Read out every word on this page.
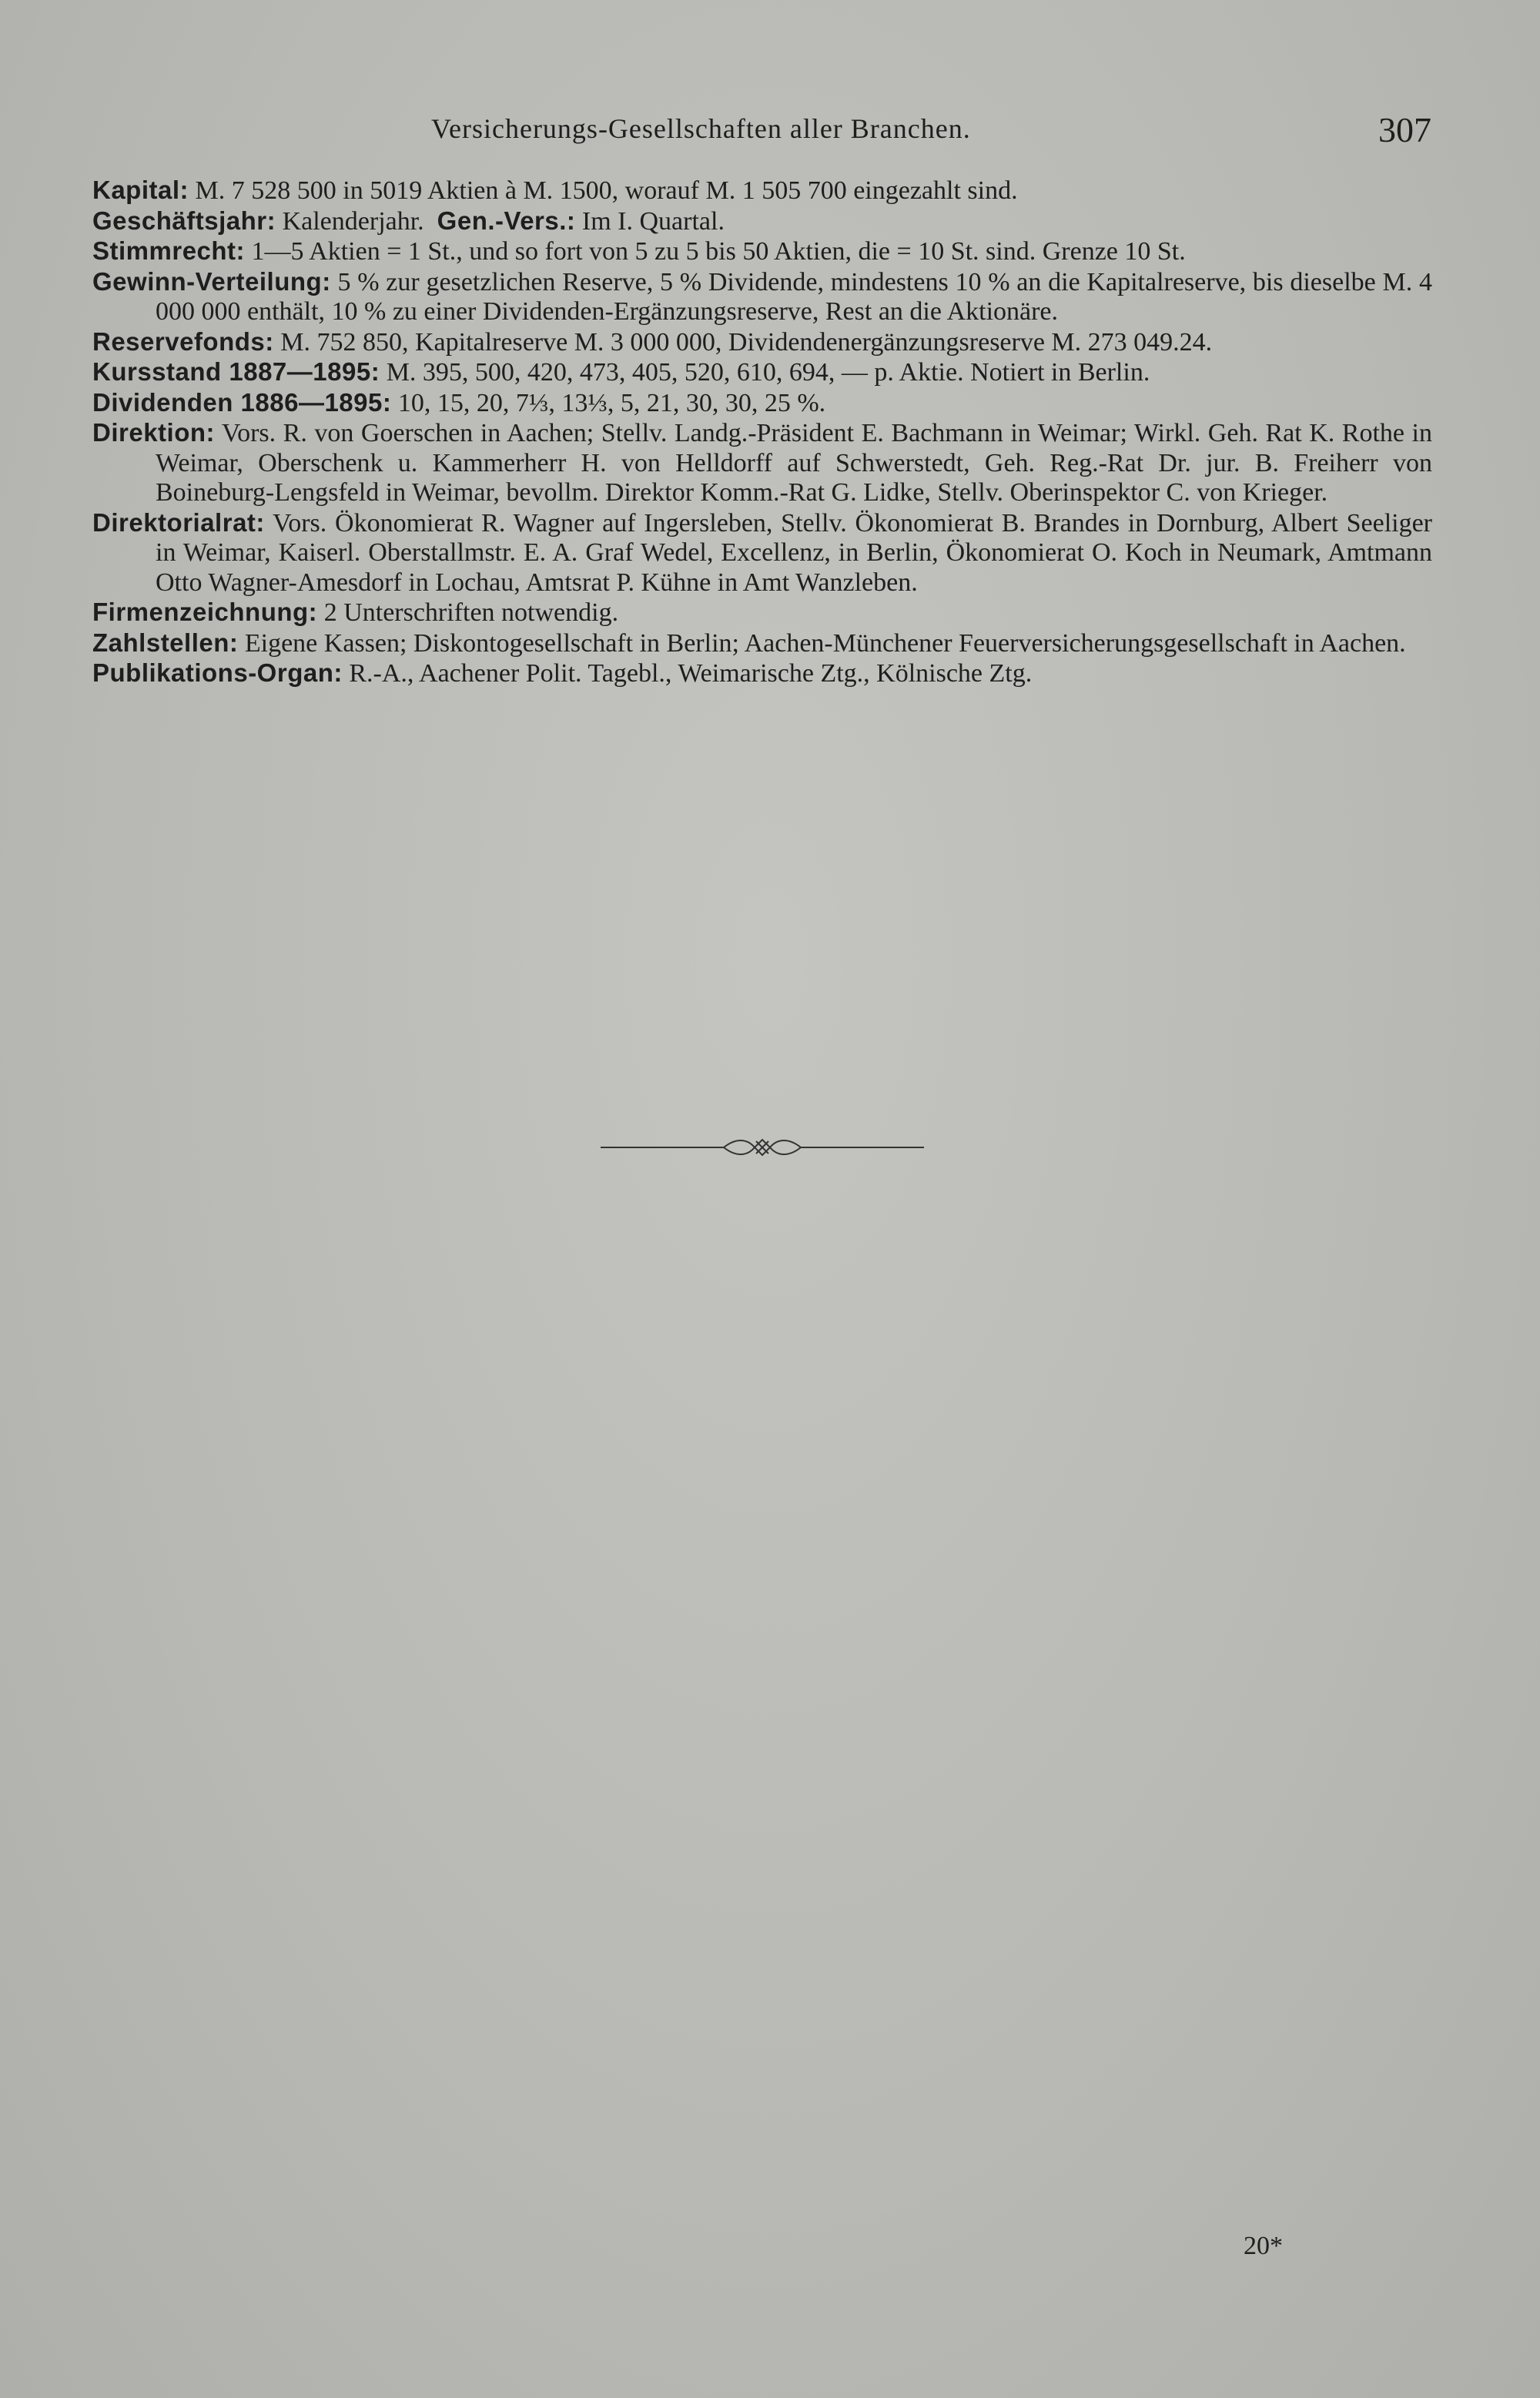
Versicherungs-Gesellschaften aller Branchen.	307

Kapital: M. 7 528 500 in 5019 Aktien à M. 1500, worauf M. 1 505 700 eingezahlt sind.

Geschäftsjahr: Kalenderjahr. Gen.-Vers.: Im I. Quartal.

Stimmrecht: 1—5 Aktien = 1 St., und so fort von 5 zu 5 bis 50 Aktien, die = 10 St. sind. Grenze 10 St.

Gewinn-Verteilung: 5 % zur gesetzlichen Reserve, 5 % Dividende, mindestens 10 % an die Kapitalreserve, bis dieselbe M. 4 000 000 enthält, 10 % zu einer Dividenden-Ergänzungsreserve, Rest an die Aktionäre.

Reservefonds: M. 752 850, Kapitalreserve M. 3 000 000, Dividendenergänzungsreserve M. 273 049.24.

Kursstand 1887—1895: M. 395, 500, 420, 473, 405, 520, 610, 694, — p. Aktie. Notiert in Berlin.

Dividenden 1886—1895: 10, 15, 20, 7⅓, 13⅓, 5, 21, 30, 30, 25 %.

Direktion: Vors. R. von Goerschen in Aachen; Stellv. Landg.-Präsident E. Bachmann in Weimar; Wirkl. Geh. Rat K. Rothe in Weimar, Oberschenk u. Kammerherr H. von Helldorff auf Schwerstedt, Geh. Reg.-Rat Dr. jur. B. Freiherr von Boineburg-Lengsfeld in Weimar, bevollm. Direktor Komm.-Rat G. Lidke, Stellv. Oberinspektor C. von Krieger.

Direktorialrat: Vors. Ökonomierat R. Wagner auf Ingersleben, Stellv. Ökonomierat B. Brandes in Dornburg, Albert Seeliger in Weimar, Kaiserl. Oberstallmstr. E. A. Graf Wedel, Excellenz, in Berlin, Ökonomierat O. Koch in Neumark, Amtmann Otto Wagner-Amesdorf in Lochau, Amtsrat P. Kühne in Amt Wanzleben.

Firmenzeichnung: 2 Unterschriften notwendig.

Zahlstellen: Eigene Kassen; Diskontogesellschaft in Berlin; Aachen-Münchener Feuerversicherungsgesellschaft in Aachen.

Publikations-Organ: R.-A., Aachener Polit. Tagebl., Weimarische Ztg., Kölnische Ztg.

20*
